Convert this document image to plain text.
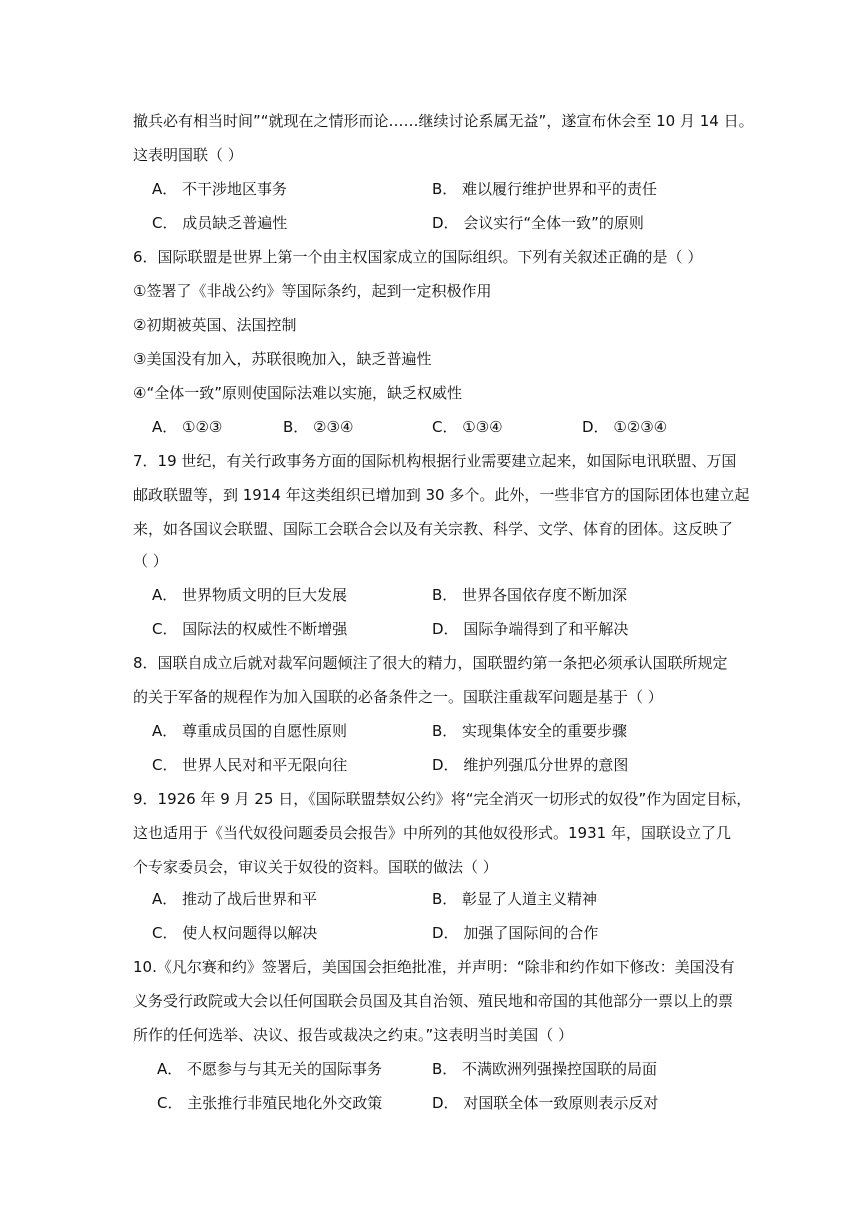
撤兵必有相当时间”“就现在之情形而论……继续讨论系属无益”，遂宣布休会至 10 月 14 日。
这表明国联（ ）
A． 不干涉地区事务	B． 难以履行维护世界和平的责任
C． 成员缺乏普遍性	D． 会议实行“全体一致”的原则
6．国际联盟是世界上第一个由主权国家成立的国际组织。下列有关叙述正确的是（ ）
①签署了《非战公约》等国际条约，起到一定积极作用
②初期被英国、法国控制
③美国没有加入，苏联很晚加入，缺乏普遍性
④“全体一致”原则使国际法难以实施，缺乏权威性
A． ①②③	B． ②③④	C． ①③④	D． ①②③④
7．19 世纪，有关行政事务方面的国际机构根据行业需要建立起来，如国际电讯联盟、万国
邮政联盟等，到 1914 年这类组织已增加到 30 多个。此外，一些非官方的国际团体也建立起
来，如各国议会联盟、国际工会联合会以及有关宗教、科学、文学、体育的团体。这反映了
（ ）
A． 世界物质文明的巨大发展	B． 世界各国依存度不断加深
C． 国际法的权威性不断增强	D． 国际争端得到了和平解决
8．国联自成立后就对裁军问题倾注了很大的精力，国联盟约第一条把必须承认国联所规定
的关于军备的规程作为加入国联的必备条件之一。国联注重裁军问题是基于（ ）
A． 尊重成员国的自愿性原则	B． 实现集体安全的重要步骤
C． 世界人民对和平无限向往	D． 维护列强瓜分世界的意图
9．1926 年 9 月 25 日，《国际联盟禁奴公约》将“完全消灭一切形式的奴役”作为固定目标，
这也适用于《当代奴役问题委员会报告》中所列的其他奴役形式。1931 年，国联设立了几
个专家委员会，审议关于奴役的资料。国联的做法（ ）
A． 推动了战后世界和平	B． 彰显了人道主义精神
C． 使人权问题得以解决	D． 加强了国际间的合作
10.《凡尔赛和约》签署后，美国国会拒绝批准，并声明：“除非和约作如下修改：美国没有
义务受行政院或大会以任何国联会员国及其自治领、殖民地和帝国的其他部分一票以上的票
所作的任何选举、决议、报告或裁决之约束。”这表明当时美国（ ）
A． 不愿参与与其无关的国际事务	B． 不满欧洲列强操控国联的局面
C． 主张推行非殖民地化外交政策	D． 对国联全体一致原则表示反对
